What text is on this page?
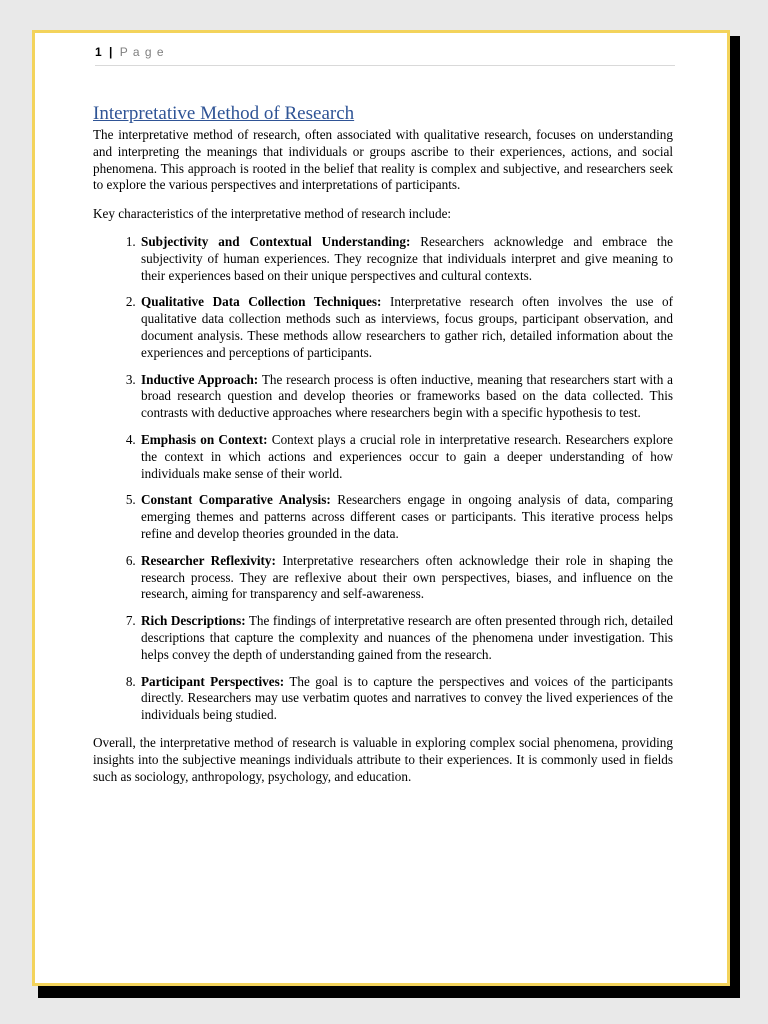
1 | P a g e
Interpretative Method of Research

The interpretative method of research, often associated with qualitative research, focuses on understanding and interpreting the meanings that individuals or groups ascribe to their experiences, actions, and social phenomena. This approach is rooted in the belief that reality is complex and subjective, and researchers seek to explore the various perspectives and interpretations of participants.

Key characteristics of the interpretative method of research include:

1. Subjectivity and Contextual Understanding: Researchers acknowledge and embrace the subjectivity of human experiences. They recognize that individuals interpret and give meaning to their experiences based on their unique perspectives and cultural contexts.
2. Qualitative Data Collection Techniques: Interpretative research often involves the use of qualitative data collection methods such as interviews, focus groups, participant observation, and document analysis. These methods allow researchers to gather rich, detailed information about the experiences and perceptions of participants.
3. Inductive Approach: The research process is often inductive, meaning that researchers start with a broad research question and develop theories or frameworks based on the data collected. This contrasts with deductive approaches where researchers begin with a specific hypothesis to test.
4. Emphasis on Context: Context plays a crucial role in interpretative research. Researchers explore the context in which actions and experiences occur to gain a deeper understanding of how individuals make sense of their world.
5. Constant Comparative Analysis: Researchers engage in ongoing analysis of data, comparing emerging themes and patterns across different cases or participants. This iterative process helps refine and develop theories grounded in the data.
6. Researcher Reflexivity: Interpretative researchers often acknowledge their role in shaping the research process. They are reflexive about their own perspectives, biases, and influence on the research, aiming for transparency and self-awareness.
7. Rich Descriptions: The findings of interpretative research are often presented through rich, detailed descriptions that capture the complexity and nuances of the phenomena under investigation. This helps convey the depth of understanding gained from the research.
8. Participant Perspectives: The goal is to capture the perspectives and voices of the participants directly. Researchers may use verbatim quotes and narratives to convey the lived experiences of the individuals being studied.

Overall, the interpretative method of research is valuable in exploring complex social phenomena, providing insights into the subjective meanings individuals attribute to their experiences. It is commonly used in fields such as sociology, anthropology, psychology, and education.
